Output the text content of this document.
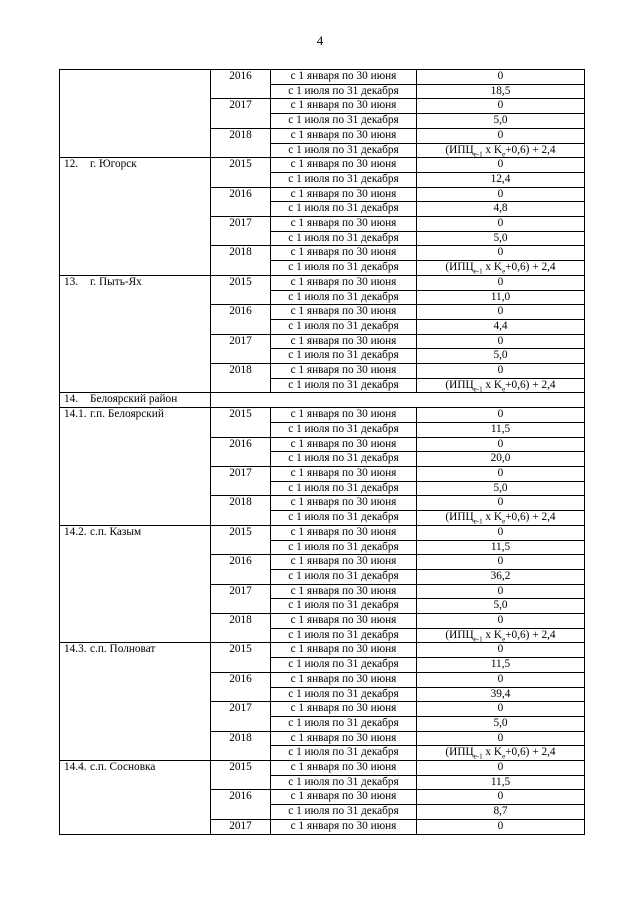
4
	2016	с 1 января по 30 июня	0
		с 1 июля по 31 декабря	18,5
	2017	с 1 января по 30 июня	0
		с 1 июля по 31 декабря	5,0
	2018	с 1 января по 30 июня	0
		с 1 июля по 31 декабря	($ИПЦ_{e-1}$ х $K_e+0,6) + 2,4$
12. г. Югорск	2015	с 1 января по 30 июня	0
		с 1 июля по 31 декабря	12,4
	2016	с 1 января по 30 июня	0
		с 1 июля по 31 декабря	4,8
	2017	с 1 января по 30 июня	0
		с 1 июля по 31 декабря	5,0
	2018	с 1 января по 30 июня	0
		с 1 июля по 31 декабря	($ИПЦ_{e-1}$ х $K_e+0,6) + 2,4$
13. г. Пыть-Ях	2015	с 1 января по 30 июня	0
		с 1 июля по 31 декабря	11,0
	2016	с 1 января по 30 июня	0
		с 1 июля по 31 декабря	4,4
	2017	с 1 января по 30 июня	0
		с 1 июля по 31 декабря	5,0
	2018	с 1 января по 30 июня	0
		с 1 июля по 31 декабря	($ИПЦ_{e-1}$ х $K_e+0,6) + 2,4$
14. Белоярский район			
14.1. г.п. Белоярский	2015	с 1 января по 30 июня	0
		с 1 июля по 31 декабря	11,5
	2016	с 1 января по 30 июня	0
		с 1 июля по 31 декабря	20,0
	2017	с 1 января по 30 июня	0
		с 1 июля по 31 декабря	5,0
	2018	с 1 января по 30 июня	0
		с 1 июля по 31 декабря	($ИПЦ_{e-1}$ х $K_e+0,6) + 2,4$
14.2. с.п. Казым	2015	с 1 января по 30 июня	0
		с 1 июля по 31 декабря	11,5
	2016	с 1 января по 30 июня	0
		с 1 июля по 31 декабря	36,2
	2017	с 1 января по 30 июня	0
		с 1 июля по 31 декабря	5,0
	2018	с 1 января по 30 июня	0
		с 1 июля по 31 декабря	($ИПЦ_{e-1}$ х $K_e+0,6) + 2,4$
14.3. с.п. Полноват	2015	с 1 января по 30 июня	0
		с 1 июля по 31 декабря	11,5
	2016	с 1 января по 30 июня	0
		с 1 июля по 31 декабря	39,4
	2017	с 1 января по 30 июня	0
		с 1 июля по 31 декабря	5,0
	2018	с 1 января по 30 июня	0
		с 1 июля по 31 декабря	($ИПЦ_{e-1}$ х $K_e+0,6) + 2,4$
14.4. с.п. Сосновка	2015	с 1 января по 30 июня	0
		с 1 июля по 31 декабря	11,5
	2016	с 1 января по 30 июня	0
		с 1 июля по 31 декабря	8,7
	2017	с 1 января по 30 июня	0
